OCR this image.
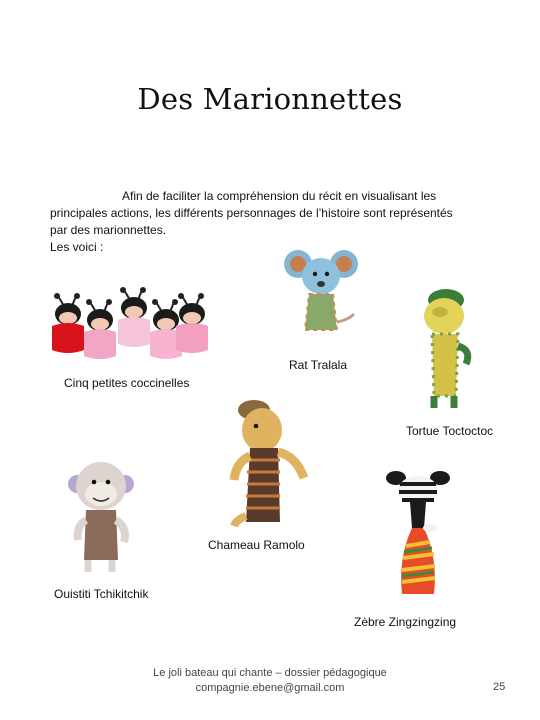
Des Marionnettes
Afin de faciliter la compréhension du récit en visualisant les
principales actions, les différents personnages de l’histoire sont représentés
par des marionnettes.
Les voici :
Cinq petites coccinelles
Rat Tralala
Tortue Toctoctoc
Chameau Ramolo
Ouistiti Tchikitchik
Zèbre Zingzingzing
Le joli bateau qui chante – dossier pédagogique
compagnie.ebene@gmail.com	25
